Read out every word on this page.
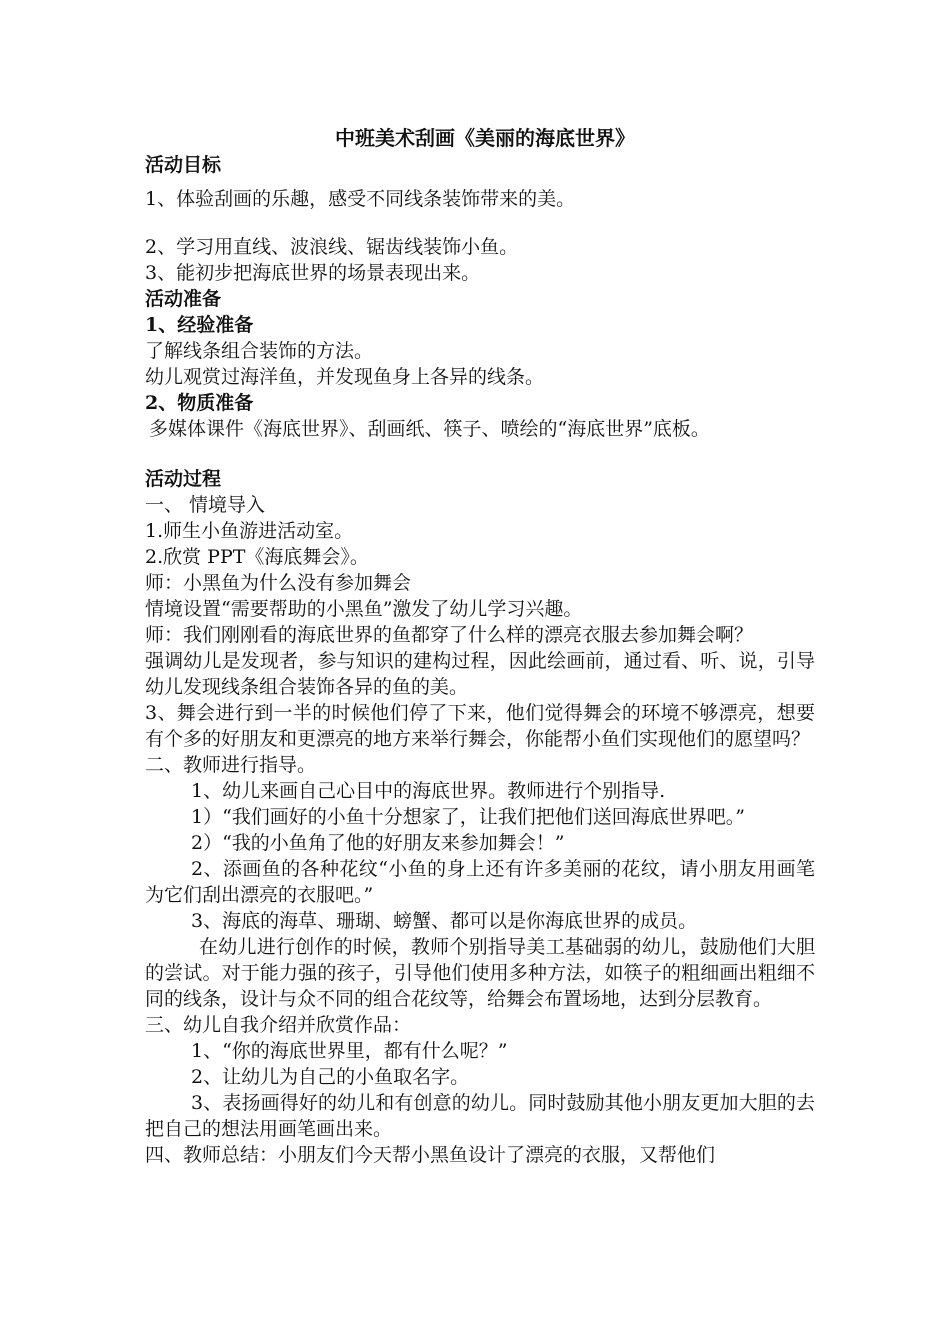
中班美术刮画《美丽的海底世界》

活动目标

1、体验刮画的乐趣，感受不同线条装饰带来的美。

2、学习用直线、波浪线、锯齿线装饰小鱼。

3、能初步把海底世界的场景表现出来。

活动准备

1、经验准备

了解线条组合装饰的方法。

幼儿观赏过海洋鱼，并发现鱼身上各异的线条。

2、物质准备

多媒体课件《海底世界》、刮画纸、筷子、喷绘的“海底世界”底板。

活动过程

一、 情境导入

1.师生小鱼游进活动室。

2.欣赏 PPT《海底舞会》。

师：小黑鱼为什么没有参加舞会

情境设置“需要帮助的小黑鱼”激发了幼儿学习兴趣。

师：我们刚刚看的海底世界的鱼都穿了什么样的漂亮衣服去参加舞会啊？

强调幼儿是发现者，参与知识的建构过程，因此绘画前，通过看、听、说，引导幼儿发现线条组合装饰各异的鱼的美。

3、舞会进行到一半的时候他们停了下来，他们觉得舞会的环境不够漂亮，想要有个多的好朋友和更漂亮的地方来举行舞会，你能帮小鱼们实现他们的愿望吗？

二、教师进行指导。

1、幼儿来画自己心目中的海底世界。教师进行个别指导.

1）“我们画好的小鱼十分想家了，让我们把他们送回海底世界吧。”

2）“我的小鱼角了他的好朋友来参加舞会！”

2、添画鱼的各种花纹“小鱼的身上还有许多美丽的花纹，请小朋友用画笔为它们刮出漂亮的衣服吧。”

3、海底的海草、珊瑚、螃蟹、都可以是你海底世界的成员。

在幼儿进行创作的时候，教师个别指导美工基础弱的幼儿，鼓励他们大胆的尝试。对于能力强的孩子，引导他们使用多种方法，如筷子的粗细画出粗细不同的线条，设计与众不同的组合花纹等，给舞会布置场地，达到分层教育。

三、幼儿自我介绍并欣赏作品：

1、“你的海底世界里，都有什么呢？”

2、让幼儿为自己的小鱼取名字。

3、表扬画得好的幼儿和有创意的幼儿。同时鼓励其他小朋友更加大胆的去把自己的想法用画笔画出来。

四、教师总结：小朋友们今天帮小黑鱼设计了漂亮的衣服，又帮他们
